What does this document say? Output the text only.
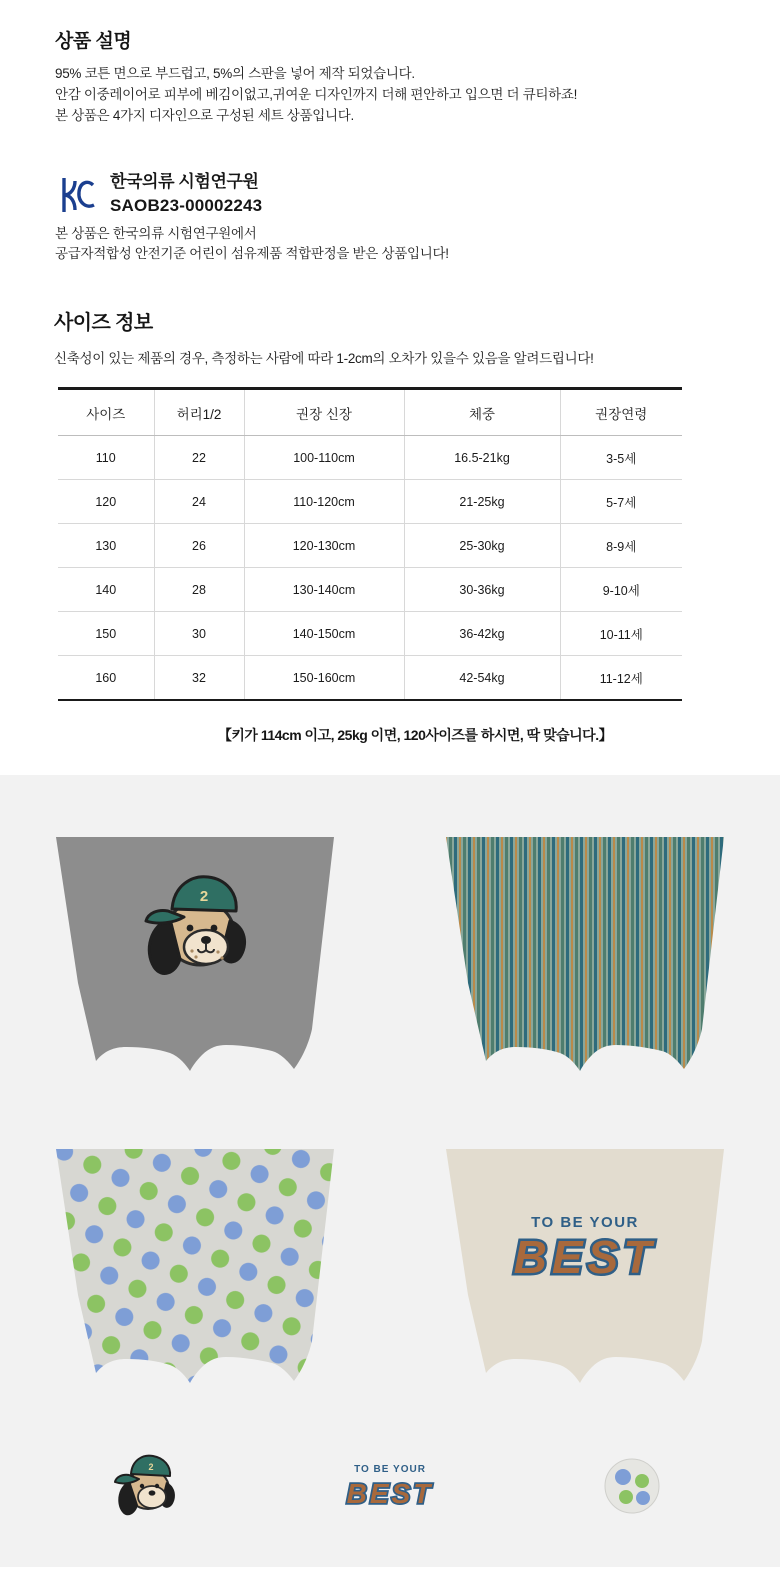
상품 설명
95% 코튼 면으로 부드럽고, 5%의 스판을 넣어 제작 되었습니다.
안감 이중레이어로 피부에 베김이없고,귀여운 디자인까지 더해 편안하고 입으면 더 큐티하죠!
본 상품은 4가지 디자인으로 구성된 세트 상품입니다.
한국의류 시험연구원
SAOB23-00002243
본 상품은 한국의류 시험연구원에서
공급자적합성 안전기준 어린이 섬유제품 적합판정을 받은 상품입니다!
사이즈 정보

신축성이 있는 제품의 경우, 측정하는 사람에 따라 1-2cm의 오차가 있을수 있음을 알려드립니다!

사이즈	허리1/2	권장 신장	체중	권장연령
110	22	100-110cm	16.5-21kg	3-5세
120	24	110-120cm	21-25kg	5-7세
130	26	120-130cm	25-30kg	8-9세
140	28	130-140cm	30-36kg	9-10세
150	30	140-150cm	36-42kg	10-11세
160	32	150-160cm	42-54kg	11-12세

【키가 114cm 이고, 25kg 이면, 120사이즈를 하시면, 딱 맞습니다.】

2
TO BE YOUR
BEST
2	TO BE YOUR
BEST
